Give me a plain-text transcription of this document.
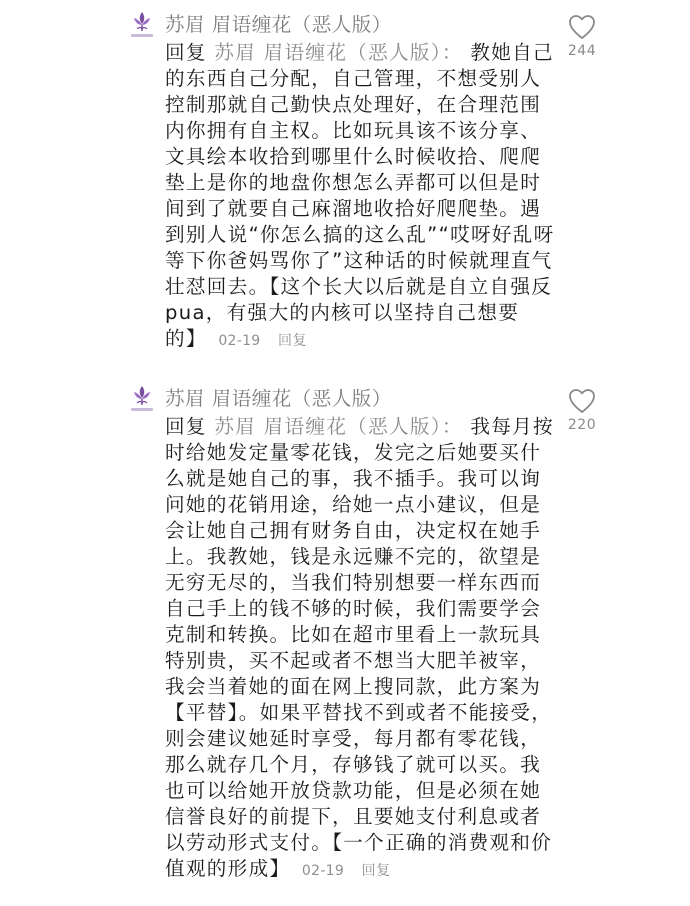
苏眉 眉语缠花（恶人版）
244
回复 苏眉 眉语缠花（恶人版）： 教她自己的东西自己分配，自己管理，不想受别人控制那就自己勤快点处理好，在合理范围内你拥有自主权。比如玩具该不该分享、文具绘本收拾到哪里什么时候收拾、爬爬垫上是你的地盘你想怎么弄都可以但是时间到了就要自己麻溜地收拾好爬爬垫。遇到别人说“你怎么搞的这么乱”“哎呀好乱呀等下你爸妈骂你了”这种话的时候就理直气壮怼回去。【这个长大以后就是自立自强反pua，有强大的内核可以坚持自己想要的】 02-19 回复
苏眉 眉语缠花（恶人版）
220
回复 苏眉 眉语缠花（恶人版）： 我每月按时给她发定量零花钱，发完之后她要买什么就是她自己的事，我不插手。我可以询问她的花销用途，给她一点小建议，但是会让她自己拥有财务自由，决定权在她手上。我教她，钱是永远赚不完的，欲望是无穷无尽的，当我们特别想要一样东西而自己手上的钱不够的时候，我们需要学会克制和转换。比如在超市里看上一款玩具特别贵，买不起或者不想当大肥羊被宰，我会当着她的面在网上搜同款，此方案为【平替】。如果平替找不到或者不能接受，则会建议她延时享受，每月都有零花钱，那么就存几个月，存够钱了就可以买。我也可以给她开放贷款功能，但是必须在她信誉良好的前提下，且要她支付利息或者以劳动形式支付。【一个正确的消费观和价值观的形成】 02-19 回复
